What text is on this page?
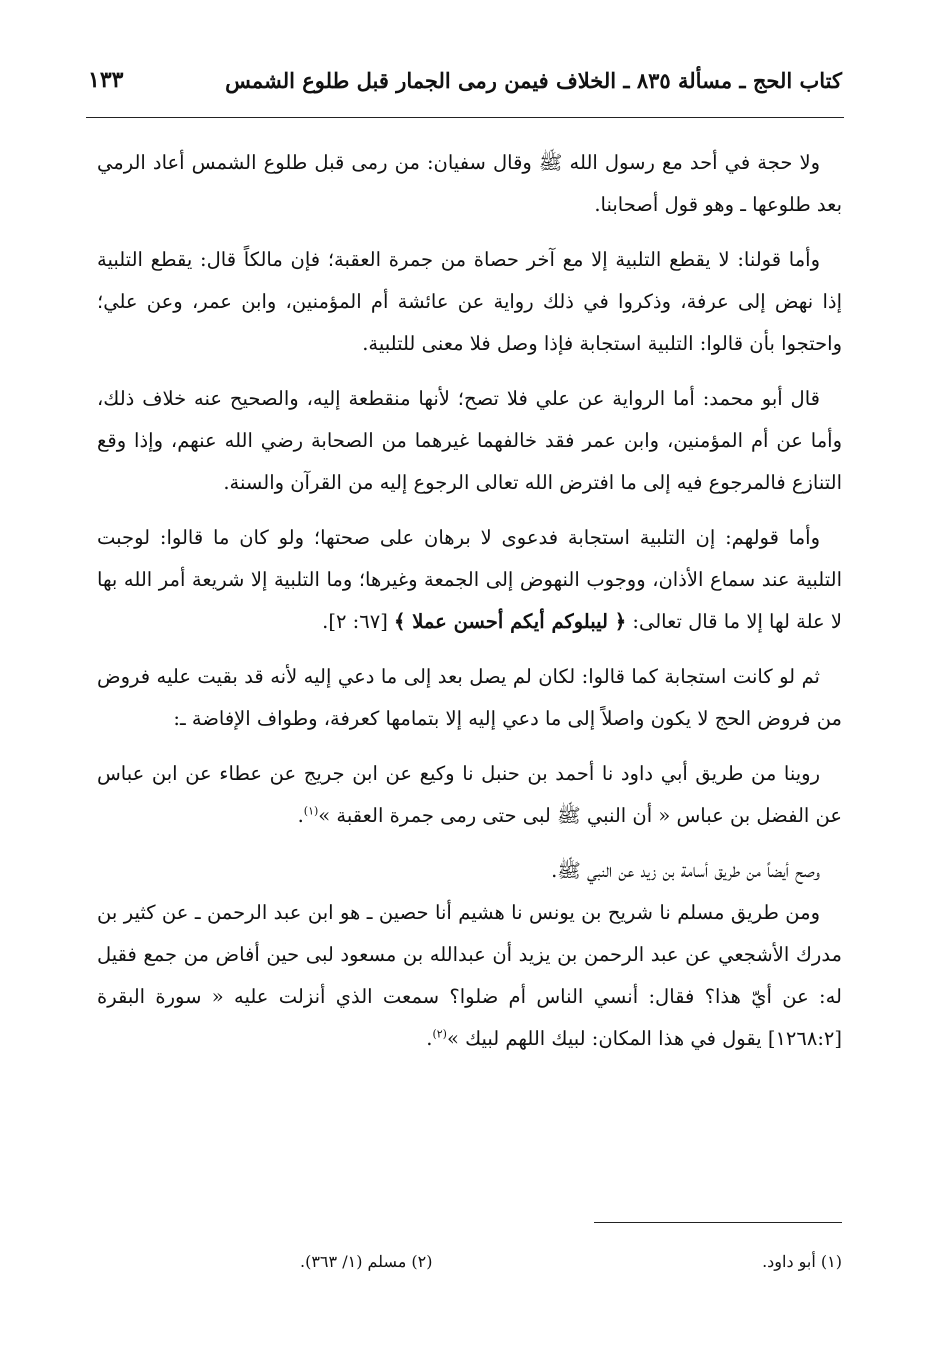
كتاب الحج ـ مسألة ٨٣٥ ـ الخلاف فيمن رمى الجمار قبل طلوع الشمس
١٣٣

ولا حجة في أحد مع رسول الله ﷺ وقال سفيان: من رمى قبل طلوع الشمس أعاد الرمي بعد طلوعها ـ وهو قول أصحابنا.

وأما قولنا: لا يقطع التلبية إلا مع آخر حصاة من جمرة العقبة؛ فإن مالكاً قال: يقطع التلبية إذا نهض إلى عرفة، وذكروا في ذلك رواية عن عائشة أم المؤمنين، وابن عمر، وعن علي؛ واحتجوا بأن قالوا: التلبية استجابة فإذا وصل فلا معنى للتلبية.

قال أبو محمد: أما الرواية عن علي فلا تصح؛ لأنها منقطعة إليه، والصحيح عنه خلاف ذلك، وأما عن أم المؤمنين، وابن عمر فقد خالفهما غيرهما من الصحابة رضي الله عنهم، وإذا وقع التنازع فالمرجوع فيه إلى ما افترض الله تعالى الرجوع إليه من القرآن والسنة.

وأما قولهم: إن التلبية استجابة فدعوى لا برهان على صحتها؛ ولو كان ما قالوا: لوجبت التلبية عند سماع الأذان، ووجوب النهوض إلى الجمعة وغيرها؛ وما التلبية إلا شريعة أمر الله بها لا علة لها إلا ما قال تعالى: ﴿ ليبلوكم أيكم أحسن عملا ﴾ [٦٧: ٢].

ثم لو كانت استجابة كما قالوا: لكان لم يصل بعد إلى ما دعي إليه لأنه قد بقيت عليه فروض من فروض الحج لا يكون واصلاً إلى ما دعي إليه إلا بتمامها كعرفة، وطواف الإفاضة ـ:

روينا من طريق أبي داود نا أحمد بن حنبل نا وكيع عن ابن جريج عن عطاء عن ابن عباس عن الفضل بن عباس « أن النبي ﷺ لبى حتى رمى جمرة العقبة »$^{(١)}$.

وصح أيضاً من طريق أسامة بن زيد عن النبي ﷺ.

ومن طريق مسلم نا شريح بن يونس نا هشيم أنا حصين ـ هو ابن عبد الرحمن ـ عن كثير بن مدرك الأشجعي عن عبد الرحمن بن يزيد أن عبدالله بن مسعود لبى حين أفاض من جمع فقيل له: عن أيّ هذا؟ فقال: أنسي الناس أم ضلوا؟ سمعت الذي أنزلت عليه « سورة البقرة [١٢٦٨:٢] يقول في هذا المكان: لبيك اللهم لبيك »$^{(٢)}$.

(١) أبو داود.
(٢) مسلم (١/ ٣٦٣).
